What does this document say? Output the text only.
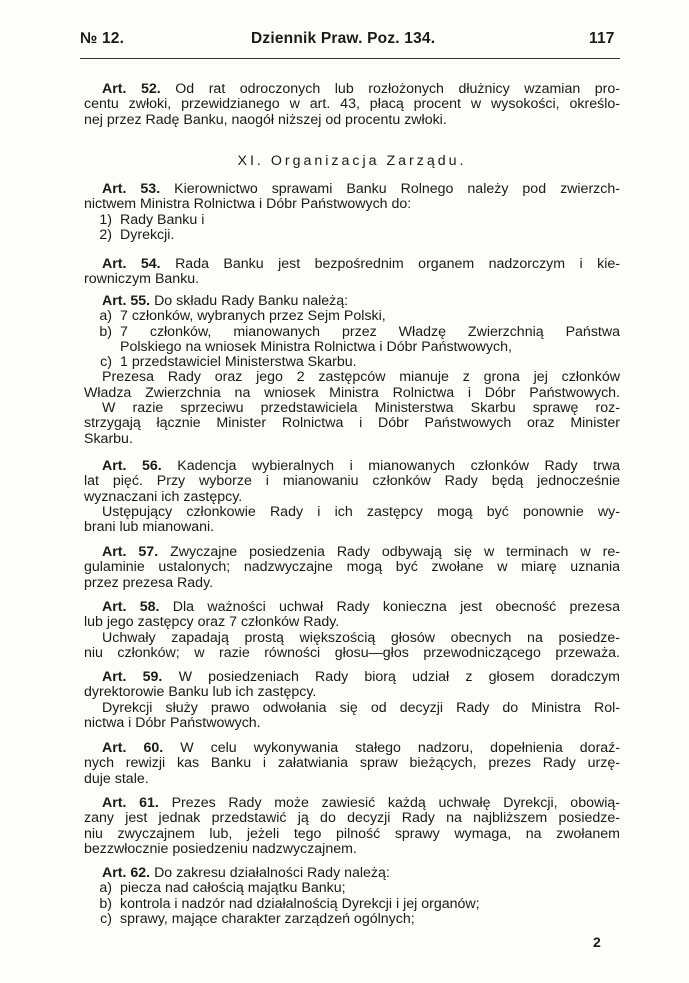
№ 12.	Dziennik Praw. Poz. 134.	117
Art. 52. Od rat odroczonych lub rozłożonych dłużnicy wzamian pro-
centu zwłoki, przewidzianego w art. 43, płacą procent w wysokości, określo-
nej przez Radę Banku, naogół niższej od procentu zwłoki.
XI. Organizacja Zarządu.
Art. 53. Kierownictwo sprawami Banku Rolnego należy pod zwierzch-
nictwem Ministra Rolnictwa i Dóbr Państwowych do:
1) Rady Banku i
2) Dyrekcji.
Art. 54. Rada Banku jest bezpośrednim organem nadzorczym i kie-
rowniczym Banku.
Art. 55. Do składu Rady Banku należą:
a) 7 członków, wybranych przez Sejm Polski,
b) 7 członków, mianowanych przez Władzę Zwierzchnią Państwa
Polskiego na wniosek Ministra Rolnictwa i Dóbr Państwowych,
c) 1 przedstawiciel Ministerstwa Skarbu.
Prezesa Rady oraz jego 2 zastępców mianuje z grona jej członków
Władza Zwierzchnia na wniosek Ministra Rolnictwa i Dóbr Państwowych.
W razie sprzeciwu przedstawiciela Ministerstwa Skarbu sprawę roz-
strzygają łącznie Minister Rolnictwa i Dóbr Państwowych oraz Minister
Skarbu.
Art. 56. Kadencja wybieralnych i mianowanych członków Rady trwa
lat pięć. Przy wyborze i mianowaniu członków Rady będą jednocześnie
wyznaczani ich zastępcy.
Ustępujący członkowie Rady i ich zastępcy mogą być ponownie wy-
brani lub mianowani.
Art. 57. Zwyczajne posiedzenia Rady odbywają się w terminach w re-
gulaminie ustalonych; nadzwyczajne mogą być zwołane w miarę uznania
przez prezesa Rady.
Art. 58. Dla ważności uchwał Rady konieczna jest obecność prezesa
lub jego zastępcy oraz 7 członków Rady.
Uchwały zapadają prostą większością głosów obecnych na posiedze-
niu członków; w razie równości głosu—głos przewodniczącego przeważa.
Art. 59. W posiedzeniach Rady biorą udział z głosem doradczym
dyrektorowie Banku lub ich zastępcy.
Dyrekcji służy prawo odwołania się od decyzji Rady do Ministra Rol-
nictwa i Dóbr Państwowych.
Art. 60. W celu wykonywania stałego nadzoru, dopełnienia doraź-
nych rewizji kas Banku i załatwiania spraw bieżących, prezes Rady urzę-
duje stale.
Art. 61. Prezes Rady może zawiesić każdą uchwałę Dyrekcji, obowią-
zany jest jednak przedstawić ją do decyzji Rady na najbliższem posiedze-
niu zwyczajnem lub, jeżeli tego pilność sprawy wymaga, na zwołanem
bezzwłocznie posiedzeniu nadzwyczajnem.
Art. 62. Do zakresu działalności Rady należą:
a) piecza nad całością majątku Banku;
b) kontrola i nadzór nad działalnością Dyrekcji i jej organów;
c) sprawy, mające charakter zarządzeń ogólnych;
2
